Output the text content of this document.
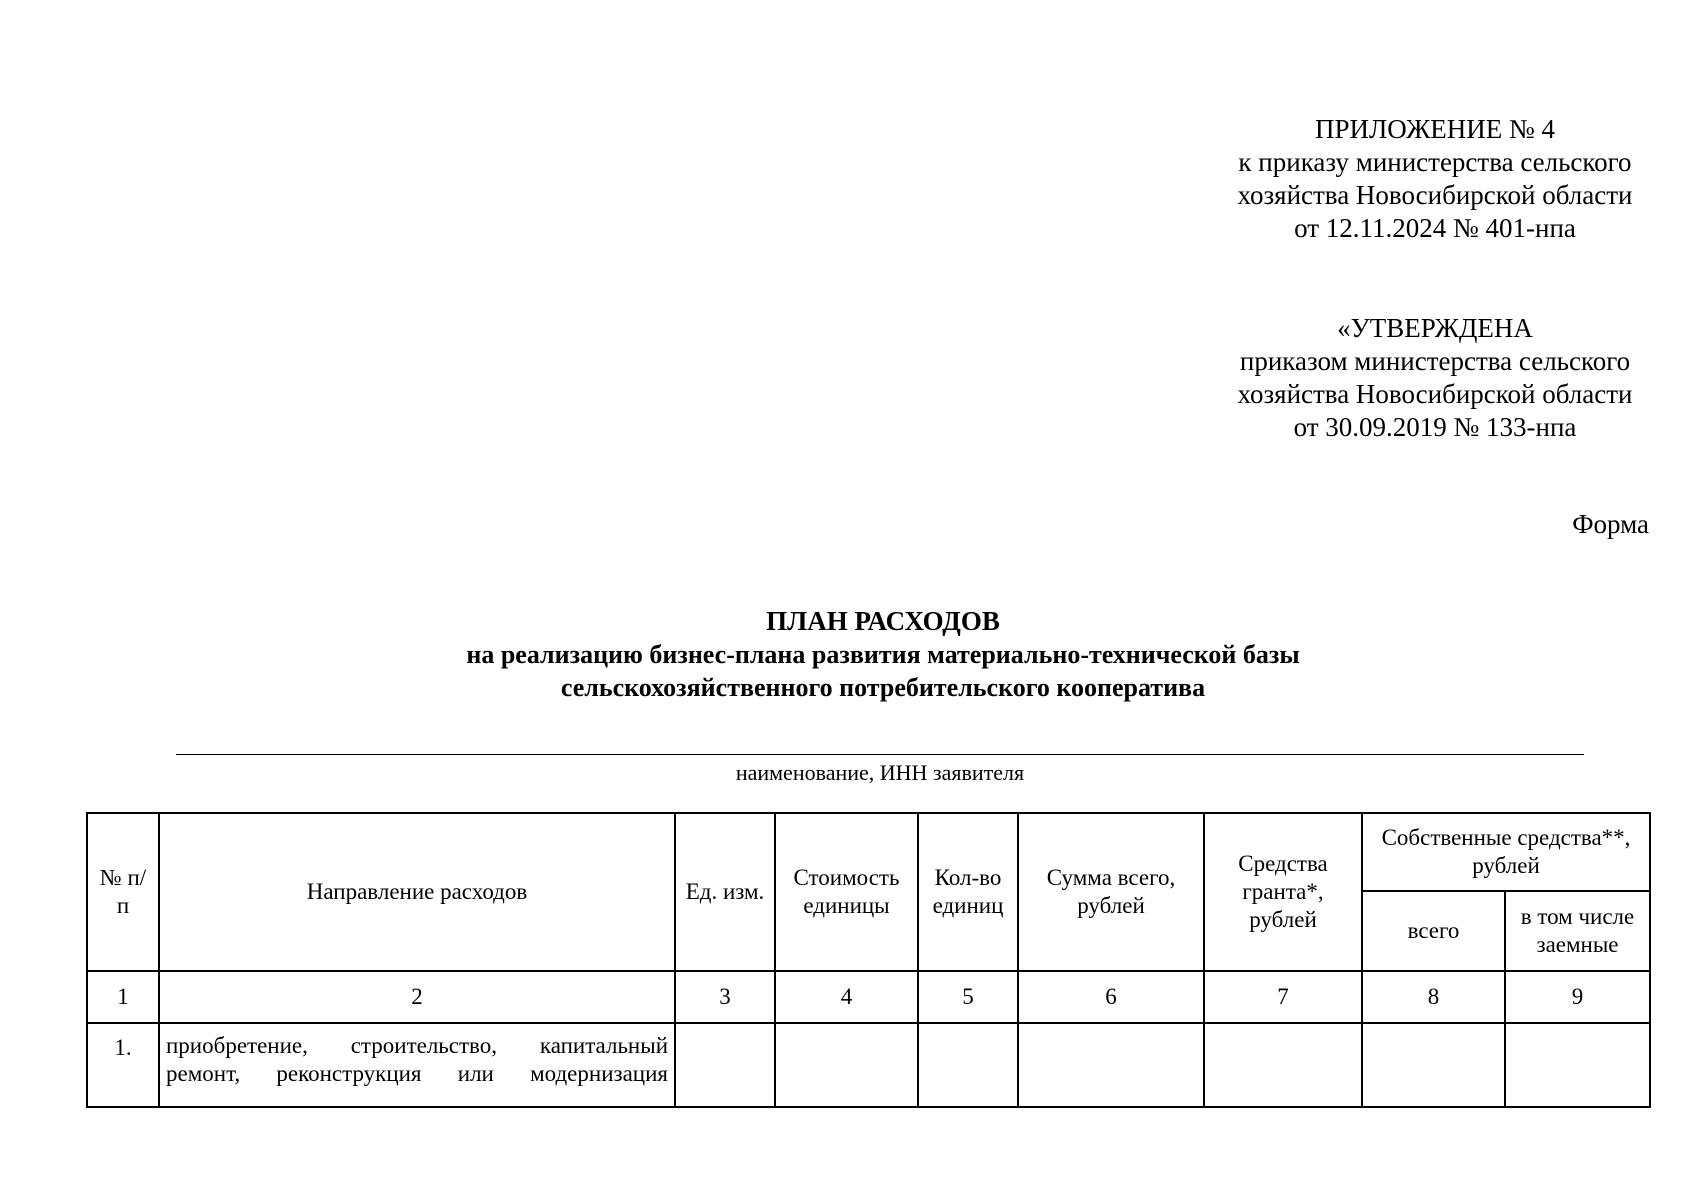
ПРИЛОЖЕНИЕ № 4
к приказу министерства сельского
хозяйства Новосибирской области
от 12.11.2024 № 401-нпа
«УТВЕРЖДЕНА
приказом министерства сельского
хозяйства Новосибирской области
от 30.09.2019 № 133-нпа
Форма
ПЛАН РАСХОДОВ
на реализацию бизнес-плана развития материально-технической базы
сельскохозяйственного потребительского кооператива
наименование, ИНН заявителя
№ п/п	Направление расходов	Ед. изм.	Стоимость единицы	Кол-во единиц	Сумма всего, рублей	Средства гранта*, рублей	Собственные средства**, рублей	
							всего	в том числе заемные
1	2	3	4	5	6	7	8	9
1.	приобретение, строительство, капитальный ремонт, реконструкция или модернизация							
